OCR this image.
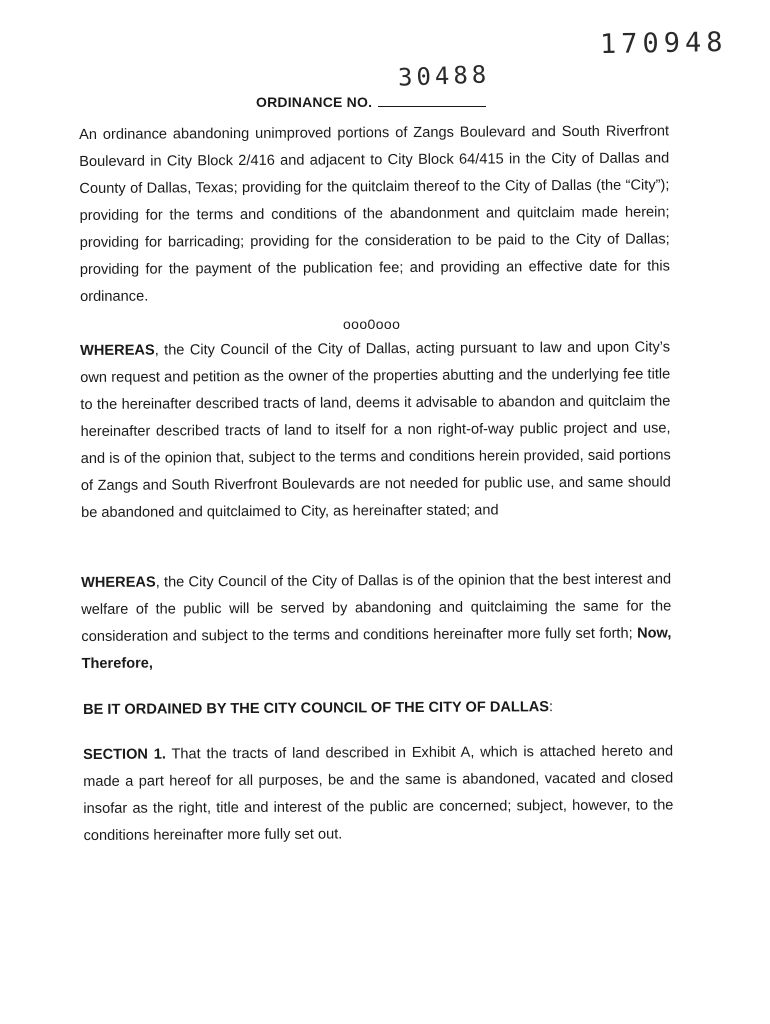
170948
30488
ORDINANCE NO.
An ordinance abandoning unimproved portions of Zangs Boulevard and South Riverfront Boulevard in City Block 2/416 and adjacent to City Block 64/415 in the City of Dallas and County of Dallas, Texas; providing for the quitclaim thereof to the City of Dallas (the “City”); providing for the terms and conditions of the abandonment and quitclaim made herein; providing for barricading; providing for the consideration to be paid to the City of Dallas; providing for the payment of the publication fee; and providing an effective date for this ordinance.
ooo0ooo
WHEREAS, the City Council of the City of Dallas, acting pursuant to law and upon City’s own request and petition as the owner of the properties abutting and the underlying fee title to the hereinafter described tracts of land, deems it advisable to abandon and quitclaim the hereinafter described tracts of land to itself for a non right-of-way public project and use, and is of the opinion that, subject to the terms and conditions herein provided, said portions of Zangs and South Riverfront Boulevards are not needed for public use, and same should be abandoned and quitclaimed to City, as hereinafter stated; and
WHEREAS, the City Council of the City of Dallas is of the opinion that the best interest and welfare of the public will be served by abandoning and quitclaiming the same for the consideration and subject to the terms and conditions hereinafter more fully set forth; Now, Therefore,
BE IT ORDAINED BY THE CITY COUNCIL OF THE CITY OF DALLAS:
SECTION 1. That the tracts of land described in Exhibit A, which is attached hereto and made a part hereof for all purposes, be and the same is abandoned, vacated and closed insofar as the right, title and interest of the public are concerned; subject, however, to the conditions hereinafter more fully set out.
